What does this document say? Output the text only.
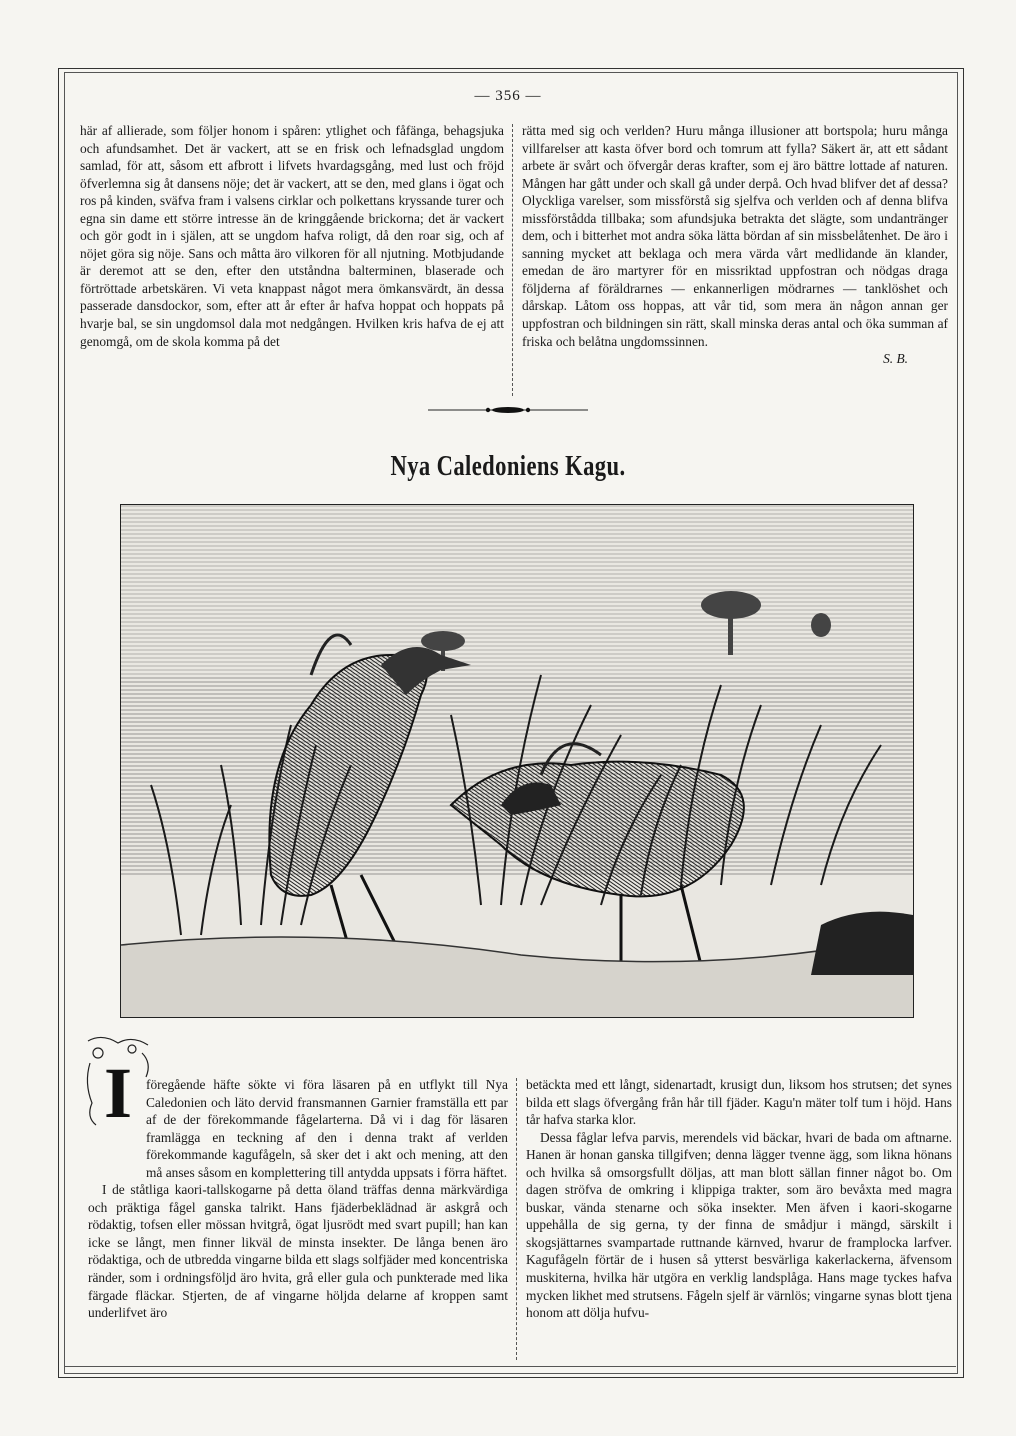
— 356 —

här af allierade, som följer honom i spåren: ytlighet och fåfänga, behagsjuka och afundsamhet. Det är vackert, att se en frisk och lefnadsglad ungdom samlad, för att, såsom ett afbrott i lifvets hvardagsgång, med lust och fröjd öfverlemna sig åt dansens nöje; det är vackert, att se den, med glans i ögat och ros på kinden, sväfva fram i valsens cirklar och polkettans kryssande turer och egna sin dame ett större intresse än de kringgående brickorna; det är vackert och gör godt in i själen, att se ungdom hafva roligt, då den roar sig, och af nöjet göra sig nöje. Sans och måtta äro vilkoren för all njutning. Motbjudande är deremot att se den, efter den utståndna balterminen, blaserade och förtröttade arbetskären. Vi veta knappast något mera ömkansvärdt, än dessa passerade dansdockor, som, efter att år efter år hafva hoppat och hoppats på hvarje bal, se sin ungdomsol dala mot nedgången. Hvilken kris hafva de ej att genomgå, om de skola komma på det

rätta med sig och verlden? Huru många illusioner att bortspola; huru många villfarelser att kasta öfver bord och tomrum att fylla? Säkert är, att ett sådant arbete är svårt och öfvergår deras krafter, som ej äro bättre lottade af naturen. Mången har gått under och skall gå under derpå. Och hvad blifver det af dessa? Olyckliga varelser, som missförstå sig sjelfva och verlden och af denna blifva missförstådda tillbaka; som afundsjuka betrakta det slägte, som undantränger dem, och i bitterhet mot andra söka lätta bördan af sin missbelåtenhet. De äro i sanning mycket att beklaga och mera värda vårt medlidande än klander, emedan de äro martyrer för en missriktad uppfostran och nödgas draga följderna af föräldrarnes — enkannerligen mödrarnes — tanklöshet och dårskap. Låtom oss hoppas, att vår tid, som mera än någon annan ger uppfostran och bildningen sin rätt, skall minska deras antal och öka summan af friska och belåtna ungdomssinnen.

S. B.

Nya Caledoniens Kagu.
I	föregående häfte sökte vi föra läsaren på en utflykt till Nya Caledonien och läto dervid fransmannen Garnier framställa ett par af de der förekommande fågelarterna. Då vi i dag för läsaren framlägga en teckning af den i denna trakt af verlden förekommande kagufågeln, så sker det i akt och mening, att den må anses såsom en komplettering till antydda uppsats i förra häftet.

I de ståtliga kaori-tallskogarne på detta öland träffas denna märkvärdiga och präktiga fågel ganska talrikt. Hans fjäderbeklädnad är askgrå och rödaktig, tofsen eller mössan hvitgrå, ögat ljusrödt med svart pupill; han kan icke se långt, men finner likväl de minsta insekter. De långa benen äro rödaktiga, och de utbredda vingarne bilda ett slags solfjäder med koncentriska ränder, som i ordningsföljd äro hvita, grå eller gula och punkterade med lika färgade fläckar. Stjerten, de af vingarne höljda delarne af kroppen samt underlifvet äro

betäckta med ett långt, sidenartadt, krusigt dun, liksom hos strutsen; det synes bilda ett slags öfvergång från hår till fjäder. Kagu'n mäter tolf tum i höjd. Hans tår hafva starka klor.

Dessa fåglar lefva parvis, merendels vid bäckar, hvari de bada om aftnarne. Hanen är honan ganska tillgifven; denna lägger tvenne ägg, som likna hönans och hvilka så omsorgsfullt döljas, att man blott sällan finner något bo. Om dagen ströfva de omkring i klippiga trakter, som äro bevåxta med magra buskar, vända stenarne och söka insekter. Men äfven i kaori-skogarne uppehålla de sig gerna, ty der finna de smådjur i mängd, särskilt i skogsjättarnes svampartade ruttnande kärnved, hvarur de framplocka larfver. Kagufågeln förtär de i husen så ytterst besvärliga kakerlackerna, äfvensom muskiterna, hvilka här utgöra en verklig landsplåga. Hans mage tyckes hafva mycken likhet med strutsens. Fågeln sjelf är värnlös; vingarne synas blott tjena honom att dölja hufvu-
